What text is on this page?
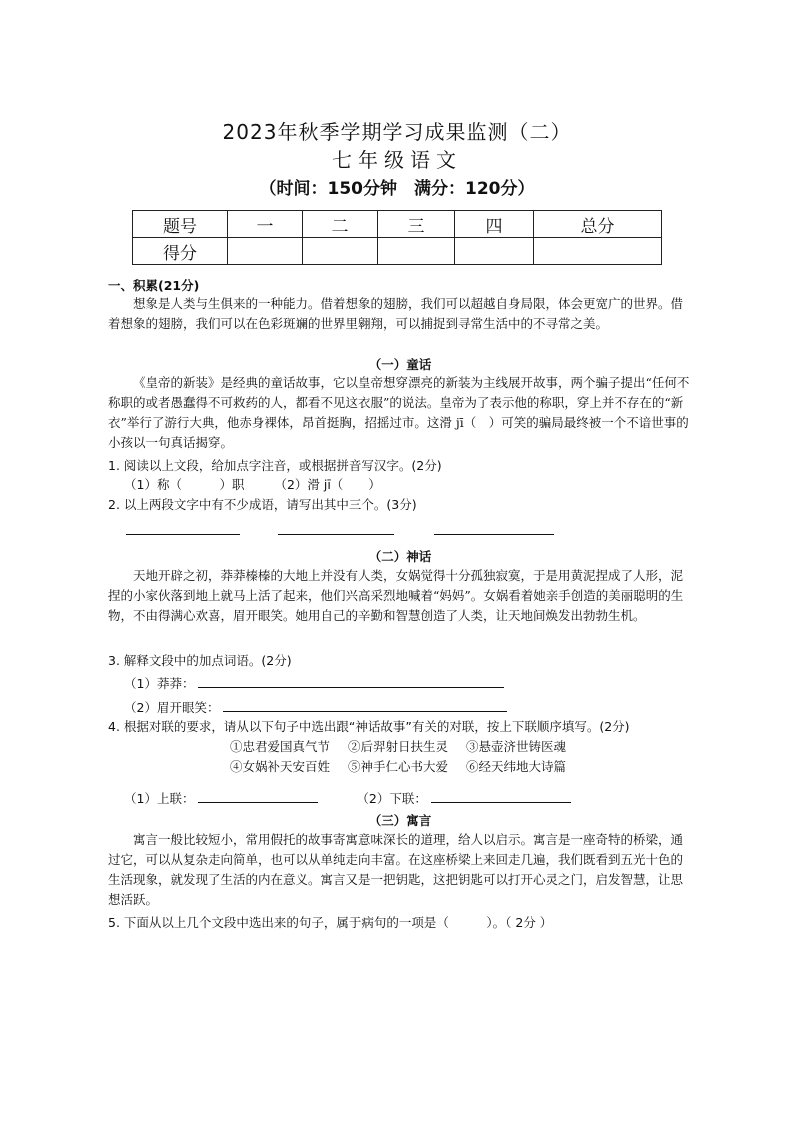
2023年秋季学期学习成果监测（二）
七年级语文
（时间：150分钟　满分：120分）
题号	一	二	三	四	总分
得分					
一、积累(21分)
想象是人类与生俱来的一种能力。借着想象的翅膀，我们可以超越自身局限，体会更宽广的世界。借着想象的翅膀，我们可以在色彩斑斓的世界里翱翔，可以捕捉到寻常生活中的不寻常之美。
（一）童话
《皇帝的新装》是经典的童话故事，它以皇帝想穿漂亮的新装为主线展开故事，两个骗子提出“任何不称职的或者愚蠢得不可救药的人，都看不见这衣服”的说法。皇帝为了表示他的称职，穿上并不存在的“新衣”举行了游行大典，他赤身裸体，昂首挺胸，招摇过市。这滑 jī（　）可笑的骗局最终被一个不谙世事的小孩以一句真话揭穿。
1. 阅读以上文段，给加点字注音，或根据拼音写汉字。(2分)
（1）称（　　　）职 （2）滑 jī（　　）
2. 以上两段文字中有不少成语，请写出其中三个。(3分)

（二）神话
天地开辟之初，莽莽榛榛的大地上并没有人类，女娲觉得十分孤独寂寞，于是用黄泥捏成了人形，泥捏的小家伙落到地上就马上活了起来，他们兴高采烈地喊着“妈妈”。女娲看着她亲手创造的美丽聪明的生物，不由得满心欢喜，眉开眼笑。她用自己的辛勤和智慧创造了人类，让天地间焕发出勃勃生机。
3. 解释文段中的加点词语。(2分)
（1）莽莽：
（2）眉开眼笑：
4. 根据对联的要求，请从以下句子中选出跟“神话故事”有关的对联，按上下联顺序填写。(2分)
①忠君爱国真气节 ②后羿射日扶生灵 ③悬壶济世铸医魂
④女娲补天安百姓 ⑤神手仁心书大爱 ⑥经天纬地大诗篇
（1）上联：	（2）下联：
（三）寓言
寓言一般比较短小，常用假托的故事寄寓意味深长的道理，给人以启示。寓言是一座奇特的桥梁，通过它，可以从复杂走向简单，也可以从单纯走向丰富。在这座桥梁上来回走几遍，我们既看到五光十色的生活现象，就发现了生活的内在意义。寓言又是一把钥匙，这把钥匙可以打开心灵之门，启发智慧，让思想活跃。
5. 下面从以上几个文段中选出来的句子，属于病句的一项是（　　　）。（ 2分 ）
